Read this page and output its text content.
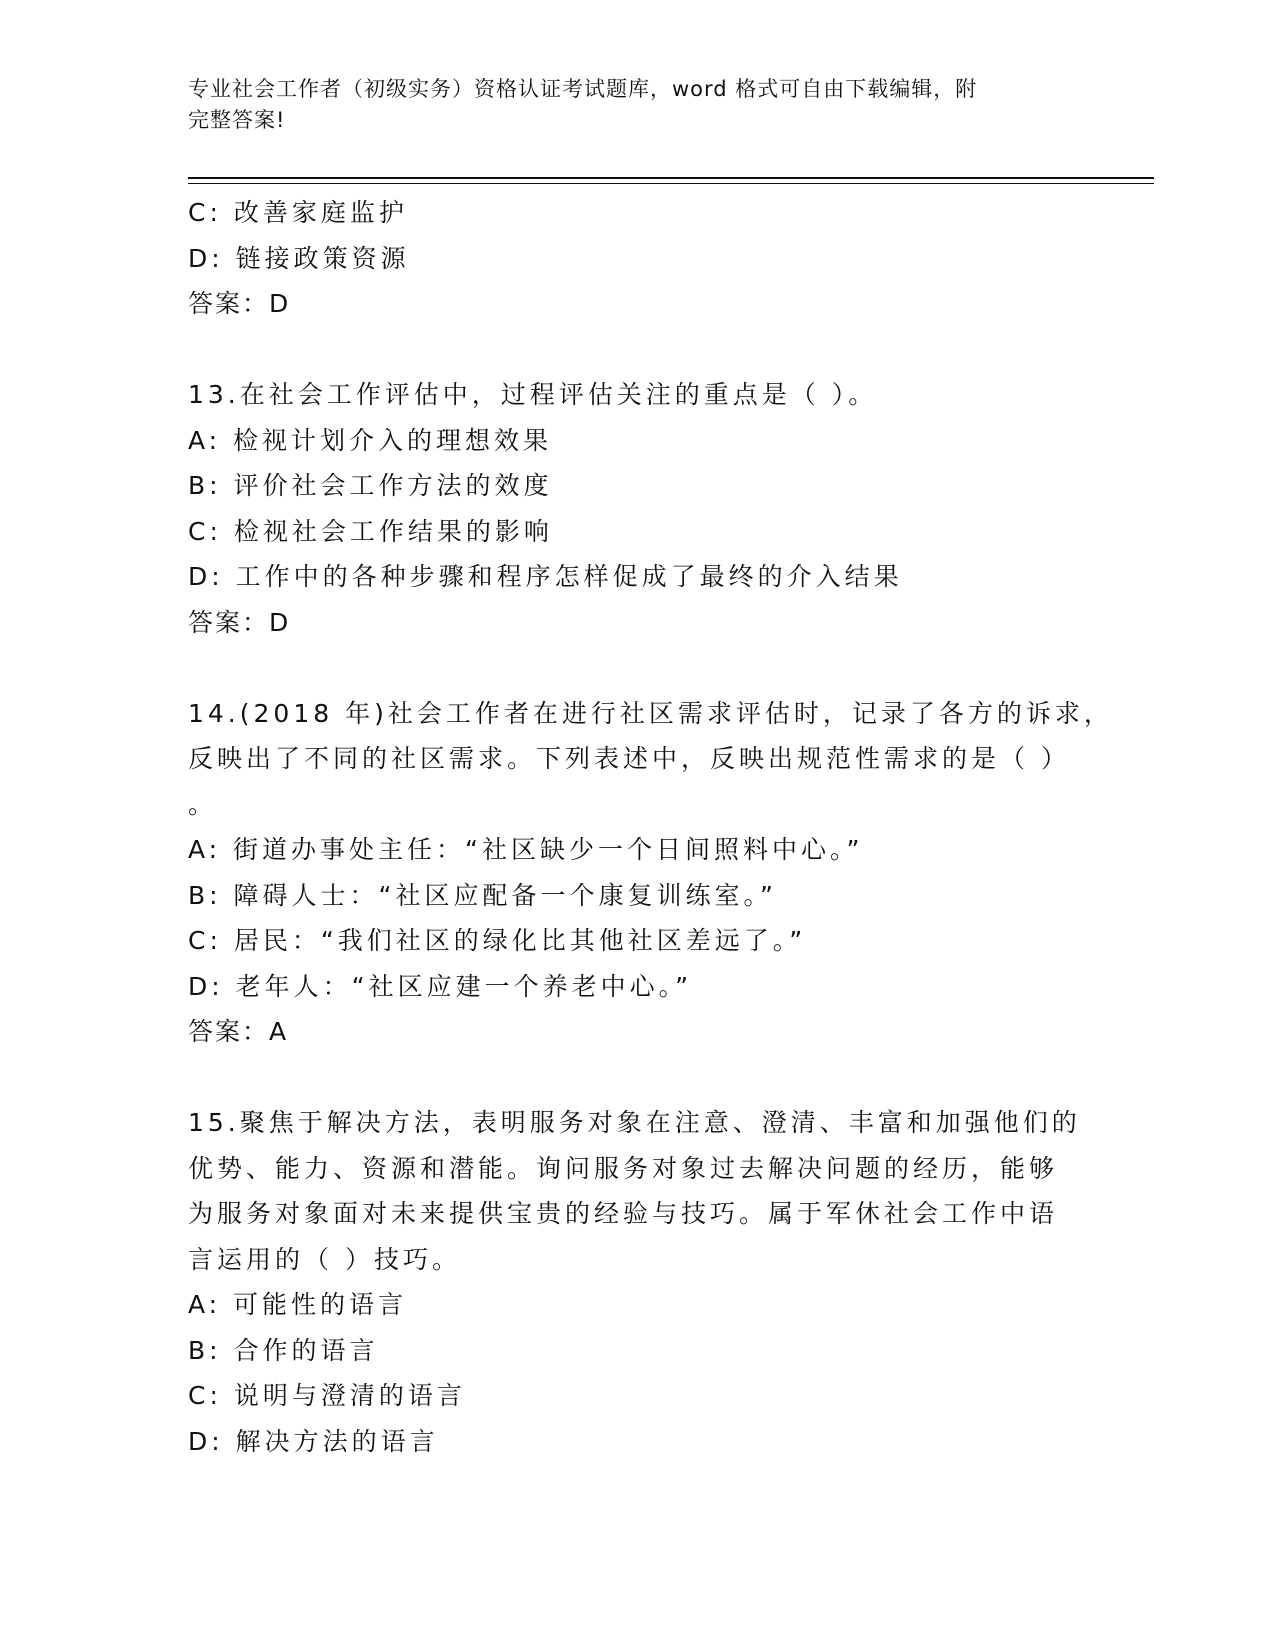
专业社会工作者（初级实务）资格认证考试题库，word 格式可自由下载编辑，附
完整答案!
C: 改善家庭监护
D: 链接政策资源
答案：D
13.在社会工作评估中，过程评估关注的重点是（ ）。
A: 检视计划介入的理想效果
B: 评价社会工作方法的效度
C: 检视社会工作结果的影响
D: 工作中的各种步骤和程序怎样促成了最终的介入结果
答案：D
14.(2018 年)社会工作者在进行社区需求评估时，记录了各方的诉求，
反映出了不同的社区需求。下列表述中，反映出规范性需求的是（ ）
。
A: 街道办事处主任：“社区缺少一个日间照料中心。”
B: 障碍人士：“社区应配备一个康复训练室。”
C: 居民：“我们社区的绿化比其他社区差远了。”
D: 老年人：“社区应建一个养老中心。”
答案：A
15.聚焦于解决方法，表明服务对象在注意、澄清、丰富和加强他们的
优势、能力、资源和潜能。询问服务对象过去解决问题的经历，能够
为服务对象面对未来提供宝贵的经验与技巧。属于军休社会工作中语
言运用的（ ）技巧。
A: 可能性的语言
B: 合作的语言
C: 说明与澄清的语言
D: 解决方法的语言
